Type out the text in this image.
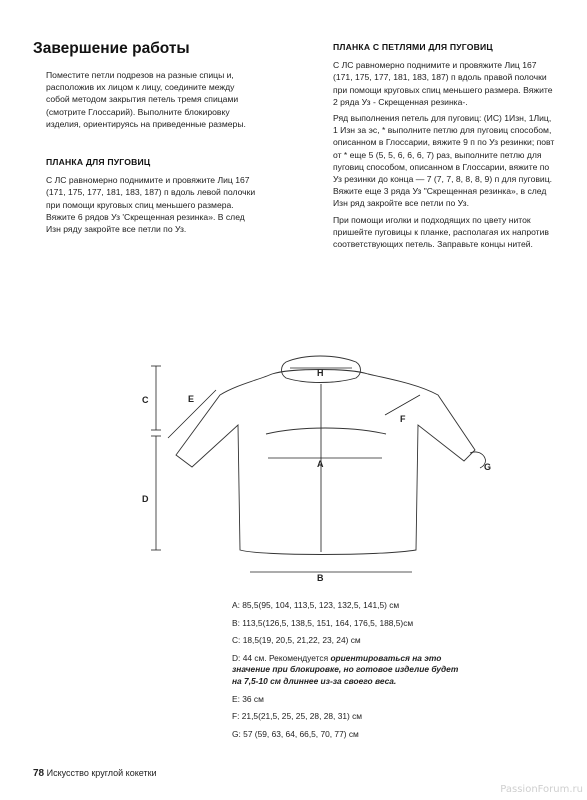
Завершение работы

Поместите петли подрезов на разные спицы и, расположив их лицом к лицу, соедините между собой методом закрытия петель тремя спицами (смотрите Глоссарий). Выполните блокировку изделия, ориентируясь на приведенные размеры.

ПЛАНКА ДЛЯ ПУГОВИЦ

С ЛС равномерно поднимите и провяжите Лиц 167 (171, 175, 177, 181, 183, 187) п вдоль левой полочки при помощи круговых спиц меньшего размера. Вяжите 6 рядов Уз 'Скрещенная резинка». В след Изн ряду закройте все петли по Уз.

ПЛАНКА С ПЕТЛЯМИ ДЛЯ ПУГОВИЦ

С ЛС равномерно поднимите и провяжите Лиц 167 (171, 175, 177, 181, 183, 187) п вдоль правой полочки при помощи круговых спиц меньшего размера. Вяжите 2 ряда Уз - Скрещенная резинка-.

Ряд выполнения петель для пуговиц: (ИС) 1Изн, 1Лиц, 1 Изн за эс, * выполните петлю для пуговиц способом, описанном в Глоссарии, вяжите 9 п по Уз резинки; повт от * еще 5 (5, 5, 6, 6, 6, 7) раз, выполните петлю для пуговиц способом, описанном в Глоссарии, вяжите по Уз резинки до конца — 7 (7, 7, 8, 8, 8, 9) п для пуговиц. Вяжите еще 3 ряда Уз "Скрещенная резинка», в след Изн ряд закройте все петли по Уз.

При помощи иголки и подходящих по цвету ниток пришейте пуговицы к планке, располагая их напротив соответствующих петель. Заправьте концы нитей.

C
D
E
F
G
H
A
B
A: 85,5(95, 104, 113,5, 123, 132,5, 141,5) см
B: 113,5(126,5, 138,5, 151, 164, 176,5, 188,5)см
C: 18,5(19, 20,5, 21,22, 23, 24) см
D: 44 см. Рекомендуется ориентироваться на это значение при блокировке, но готовое изделие будет на 7,5-10 см длиннее из-за своего веса.
E: 36 см
F: 21,5(21,5, 25, 25, 28, 28, 31) см
G: 57 (59, 63, 64, 66,5, 70, 77) см
78 Искусство круглой кокетки
PassionForum.ru
